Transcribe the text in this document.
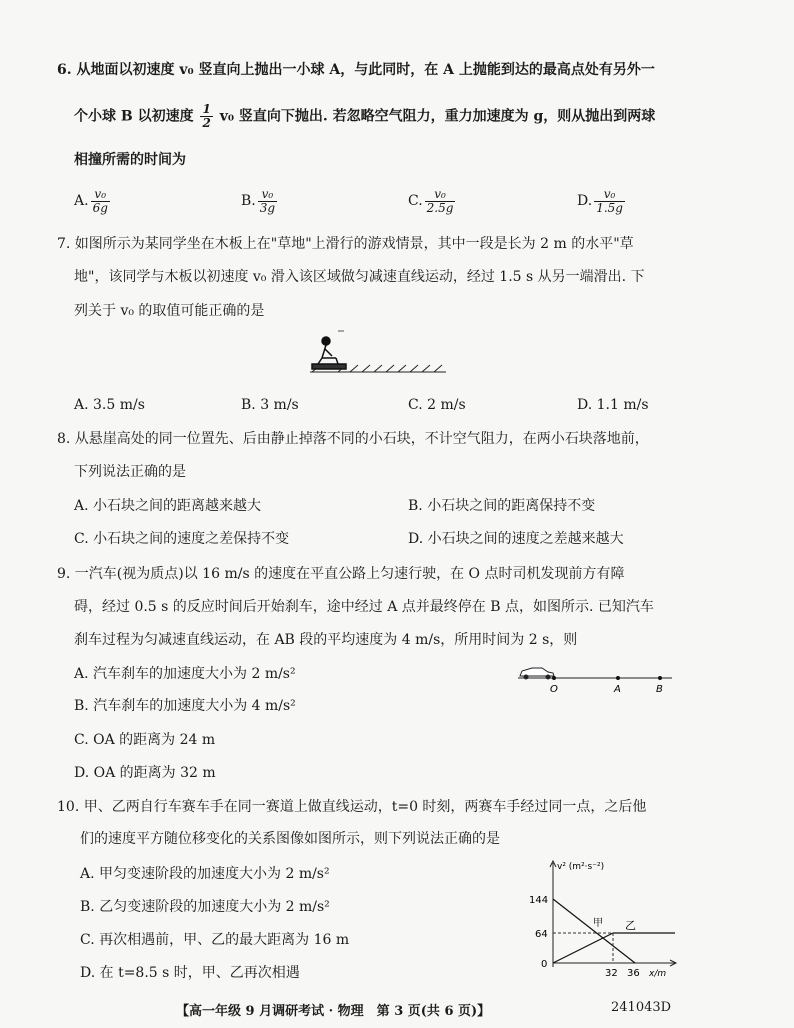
6. 从地面以初速度 v₀ 竖直向上抛出一小球 A，与此同时，在 A 上抛能到达的最高点处有另外一
个小球 B 以初速度 $\frac{1}{2} v_0$ 竖直向下抛出. 若忽略空气阻力，重力加速度为 g，则从抛出到两球
相撞所需的时间为
A. $\frac{\text{v₀}}{6g}$	B. $\frac{\text{v₀}}{3g}$	C. $\frac{\text{v₀}}{2.5g}$	D. $\frac{\text{v₀}}{1.5g}$
7. 如图所示为某同学坐在木板上在"草地"上滑行的游戏情景，其中一段是长为 2 m 的水平"草
地"，该同学与木板以初速度 v₀ 滑入该区域做匀减速直线运动，经过 1.5 s 从另一端滑出. 下
列关于 v₀ 的取值可能正确的是
A. 3.5 m/s	B. 3 m/s	C. 2 m/s	D. 1.1 m/s
8. 从悬崖高处的同一位置先、后由静止掉落不同的小石块，不计空气阻力，在两小石块落地前，
下列说法正确的是
A. 小石块之间的距离越来越大	B. 小石块之间的距离保持不变
C. 小石块之间的速度之差保持不变	D. 小石块之间的速度之差越来越大
9. 一汽车(视为质点)以 16 m/s 的速度在平直公路上匀速行驶，在 O 点时司机发现前方有障
碍，经过 0.5 s 的反应时间后开始刹车，途中经过 A 点并最终停在 B 点，如图所示. 已知汽车
刹车过程为匀减速直线运动，在 AB 段的平均速度为 4 m/s，所用时间为 2 s，则
A. 汽车刹车的加速度大小为 2 m/s²
B. 汽车刹车的加速度大小为 4 m/s²
C. OA 的距离为 24 m
D. OA 的距离为 32 m
O	A	B
10. 甲、乙两自行车赛车手在同一赛道上做直线运动，t=0 时刻，两赛车手经过同一点，之后他
们的速度平方随位移变化的关系图像如图所示，则下列说法正确的是
A. 甲匀变速阶段的加速度大小为 2 m/s²
B. 乙匀变速阶段的加速度大小为 2 m/s²
C. 再次相遇前，甲、乙的最大距离为 16 m
D. 在 t=8.5 s 时，甲、乙再次相遇
v² (m²·s⁻²)
x/m
144
64
0
32 36
甲 乙
【高一年级 9 月调研考试 · 物理　第 3 页(共 6 页)】	241043D
